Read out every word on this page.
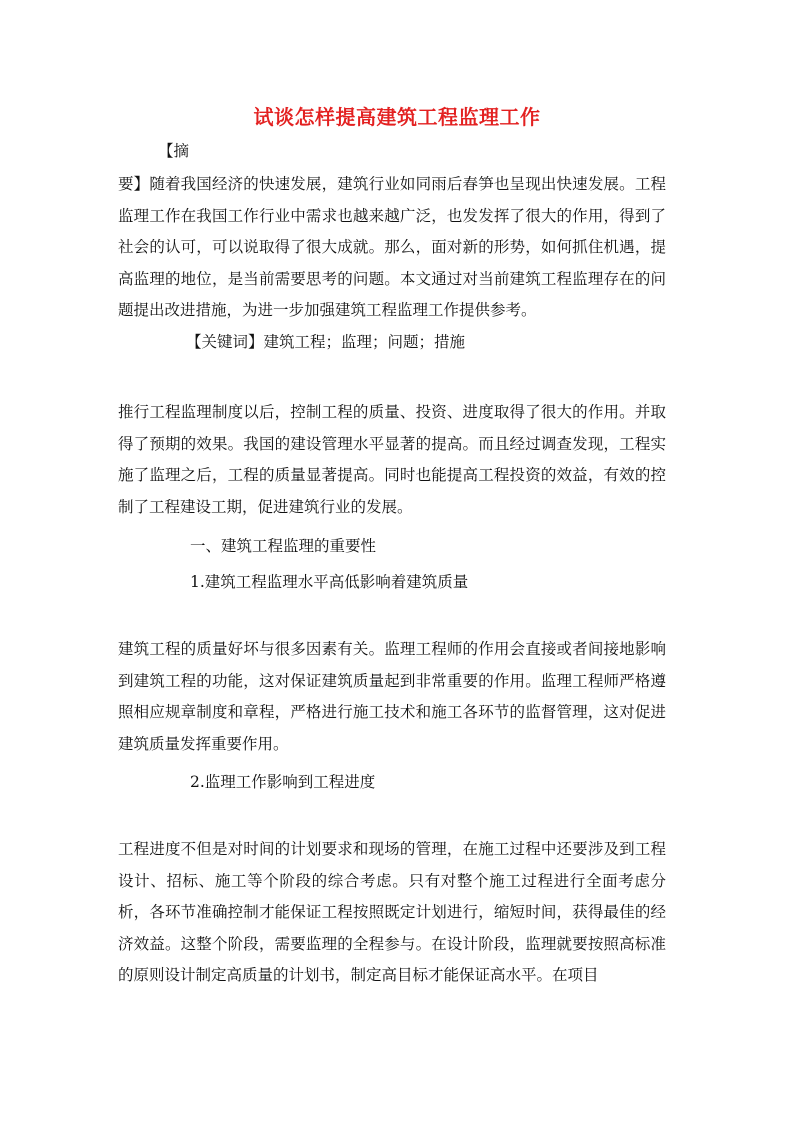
试谈怎样提高建筑工程监理工作

【摘

要】随着我国经济的快速发展，建筑行业如同雨后春笋也呈现出快速发展。工程监理工作在我国工作行业中需求也越来越广泛，也发发挥了很大的作用，得到了社会的认可，可以说取得了很大成就。那么，面对新的形势，如何抓住机遇，提高监理的地位，是当前需要思考的问题。本文通过对当前建筑工程监理存在的问题提出改进措施，为进一步加强建筑工程监理工作提供参考。

【关键词】建筑工程；监理；问题；措施

推行工程监理制度以后，控制工程的质量、投资、进度取得了很大的作用。并取得了预期的效果。我国的建设管理水平显著的提高。而且经过调查发现，工程实施了监理之后，工程的质量显著提高。同时也能提高工程投资的效益，有效的控制了工程建设工期，促进建筑行业的发展。

一、建筑工程监理的重要性

1.建筑工程监理水平高低影响着建筑质量

建筑工程的质量好坏与很多因素有关。监理工程师的作用会直接或者间接地影响到建筑工程的功能，这对保证建筑质量起到非常重要的作用。监理工程师严格遵照相应规章制度和章程，严格进行施工技术和施工各环节的监督管理，这对促进建筑质量发挥重要作用。

2.监理工作影响到工程进度

工程进度不但是对时间的计划要求和现场的管理，在施工过程中还要涉及到工程设计、招标、施工等个阶段的综合考虑。只有对整个施工过程进行全面考虑分析，各环节准确控制才能保证工程按照既定计划进行，缩短时间，获得最佳的经济效益。这整个阶段，需要监理的全程参与。在设计阶段，监理就要按照高标准的原则设计制定高质量的计划书，制定高目标才能保证高水平。在项目
